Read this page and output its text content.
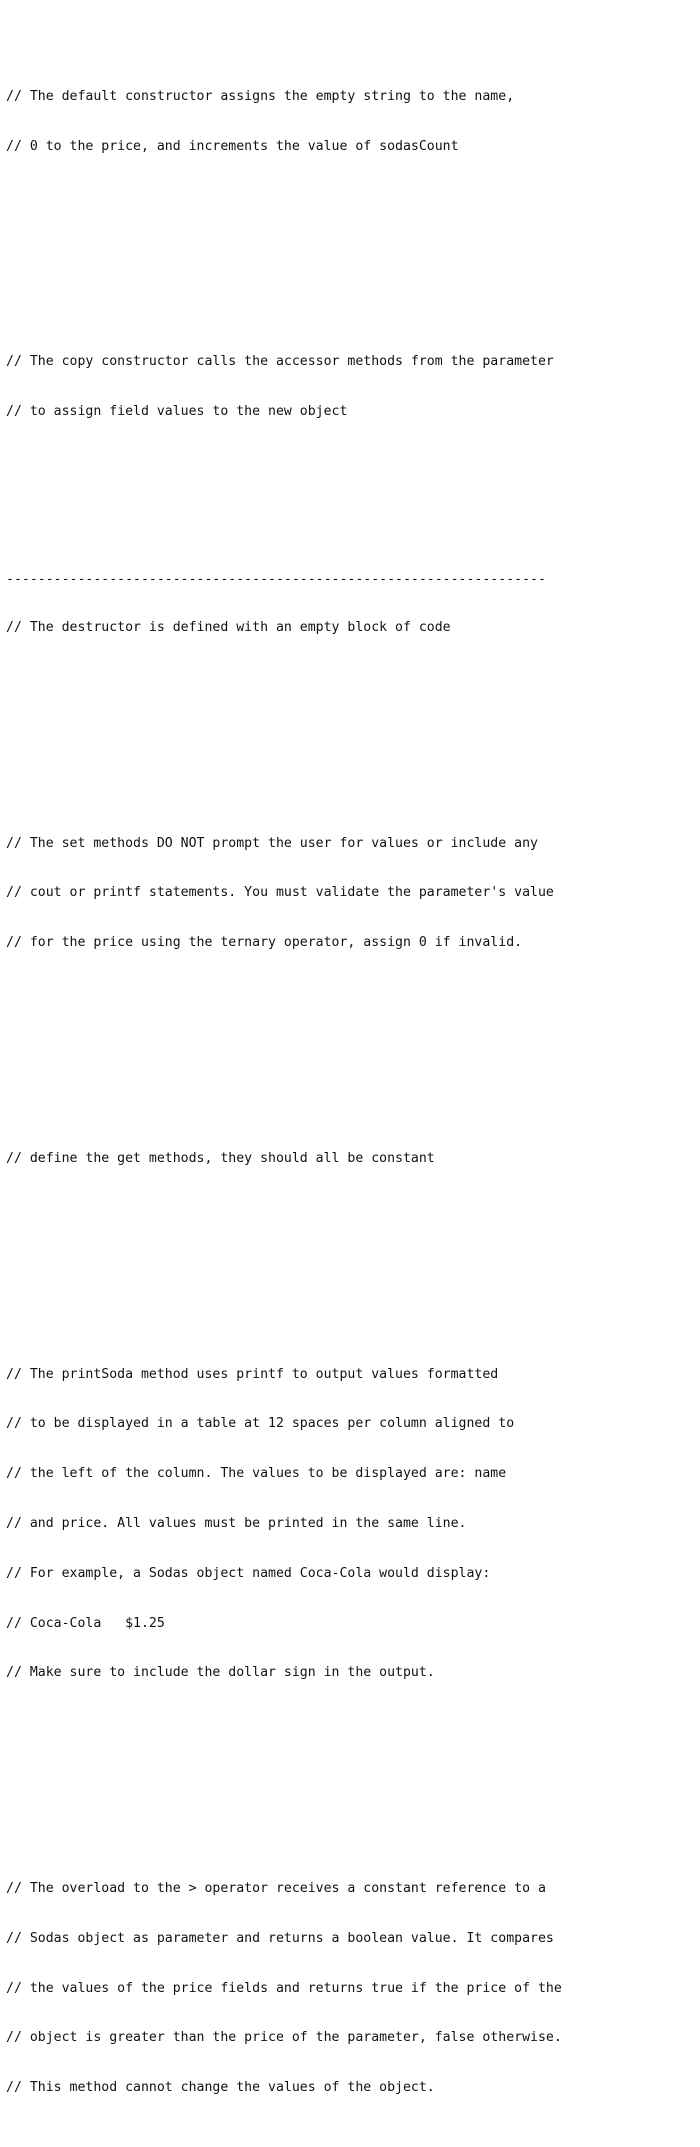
// The default constructor assigns the empty string to the name,

// 0 to the price, and increments the value of sodasCount

// The copy constructor calls the accessor methods from the parameter

// to assign field values to the new object

// The destructor is defined with an empty block of code

// The set methods DO NOT prompt the user for values or include any

// cout or printf statements. You must validate the parameter's value

// for the price using the ternary operator, assign 0 if invalid.

// define the get methods, they should all be constant

// The printSoda method uses printf to output values formatted

// to be displayed in a table at 12 spaces per column aligned to

// the left of the column. The values to be displayed are: name

// and price. All values must be printed in the same line.

// For example, a Sodas object named Coca-Cola would display:

// Coca-Cola   $1.25

// Make sure to include the dollar sign in the output.

// The overload to the > operator receives a constant reference to a

// Sodas object as parameter and returns a boolean value. It compares

// the values of the price fields and returns true if the price of the

// object is greater than the price of the parameter, false otherwise.

// This method cannot change the values of the object.

--------------------------------------------------------------------
